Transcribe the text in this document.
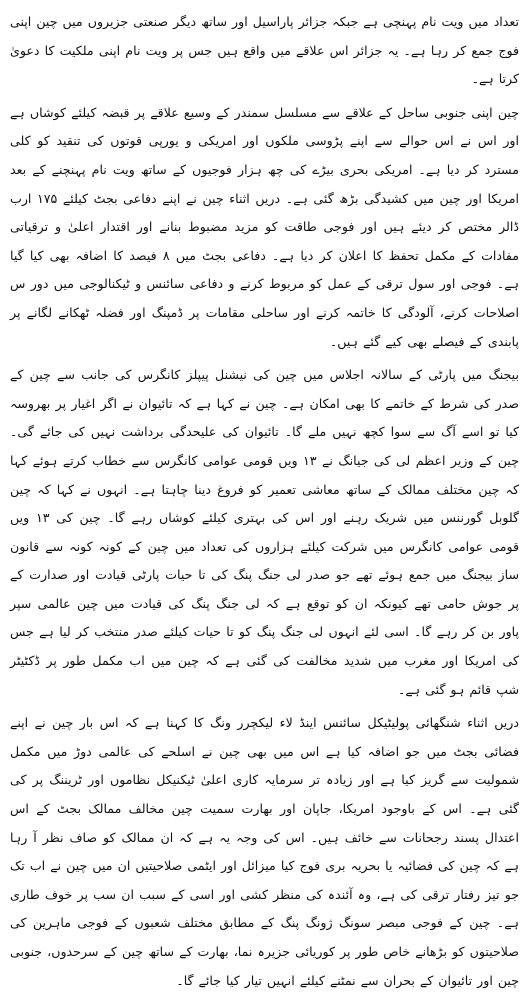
تعداد میں ویت نام پہنچی ہے جبکہ جزائر پاراسیل اور ساتھ دیگر صنعتی جزیروں میں چین اپنی فوج جمع کر رہا ہے۔ یہ جزائر اس علاقے میں واقع ہیں جس پر ویت نام اپنی ملکیت کا دعویٰ کرتا ہے۔

چین اپنی جنوبی ساحل کے علاقے سے مسلسل سمندر کے وسیع علاقے پر قبضہ کیلئے کوشاں ہے اور اس نے اس حوالے سے اپنے پڑوسی ملکوں اور امریکی و یورپی قوتوں کی تنقید کو کلی مسترد کر دیا ہے۔ امریکی بحری بیڑے کی چھ ہزار فوجیوں کے ساتھ ویت نام پہنچنے کے بعد امریکا اور چین میں کشیدگی بڑھ گئی ہے۔ دریں اثناء چین نے اپنے دفاعی بجٹ کیلئے ۱۷۵ ارب ڈالر مختص کر دیئے ہیں اور فوجی طاقت کو مزید مضبوط بنانے اور اقتدار اعلیٰ و ترقیاتی مفادات کے مکمل تحفظ کا اعلان کر دیا ہے۔ دفاعی بجٹ میں ۸ فیصد کا اضافہ بھی کیا گیا ہے۔ فوجی اور سول ترقی کے عمل کو مربوط کرنے و دفاعی سائنس و ٹیکنالوجی میں دور س اصلاحات کرنے، آلودگی کا خاتمہ کرنے اور ساحلی مقامات پر ڈمپنگ اور فضلہ ٹھکانے لگانے پر پابندی کے فیصلے بھی کیے گئے ہیں۔

بیجنگ میں پارٹی کے سالانہ اجلاس میں چین کی نیشنل پیپلز کانگرس کی جانب سے چین کے صدر کی شرط کے خاتمے کا بھی امکان ہے۔ چین نے کہا ہے کہ تائیوان نے اگر اغیار پر بھروسہ کیا تو اسے آگ سے سوا کچھ نہیں ملے گا۔ تائیوان کی علیحدگی برداشت نہیں کی جائے گی۔ چین کے وزیر اعظم لی کی جیانگ نے ۱۳ ویں قومی عوامی کانگرس سے خطاب کرتے ہوئے کہا کہ چین مختلف ممالک کے ساتھ معاشی تعمیر کو فروغ دینا چاہتا ہے۔ انہوں نے کہا کہ چین گلوبل گورننس میں شریک رہنے اور اس کی بہتری کیلئے کوشاں رہے گا۔ چین کی ۱۳ ویں قومی عوامی کانگرس میں شرکت کیلئے ہزاروں کی تعداد میں چین کے کونہ کونہ سے قانون ساز بیجنگ میں جمع ہوئے تھے جو صدر لی جنگ پنگ کی تا حیات پارٹی قیادت اور صدارت کے پر جوش حامی تھے کیونکہ ان کو توقع ہے کہ لی جنگ پنگ کی قیادت میں چین عالمی سپر پاور بن کر رہے گا۔ اسی لئے انہوں لی جنگ پنگ کو تا حیات کیلئے صدر منتخب کر لیا ہے جس کی امریکا اور مغرب میں شدید مخالفت کی گئی ہے کہ چین میں اب مکمل طور پر ڈکٹیٹر شپ قائم ہو گئی ہے۔

دریں اثناء شنگھائی پولیٹیکل سائنس اینڈ لاء لیکچرر ونگ کا کہنا ہے کہ اس بار چین نے اپنے فضائی بجٹ میں جو اضافہ کیا ہے اس میں بھی چین نے اسلحے کی عالمی دوڑ میں مکمل شمولیت سے گریز کیا ہے اور زیادہ تر سرمایہ کاری اعلیٰ ٹیکنیکل نظاموں اور ٹریننگ پر کی گئی ہے۔ اس کے باوجود امریکا، جاپان اور بھارت سمیت چین مخالف ممالک بجٹ کے اس اعتدال پسند رجحانات سے خائف ہیں۔ اس کی وجہ یہ ہے کہ ان ممالک کو صاف نظر آ رہا ہے کہ چین کی فضائیہ یا بحریہ بری فوج کیا میزائل اور ایٹمی صلاحیتیں ان میں چین نے اب تک جو تیز رفتار ترقی کی ہے، وہ آئندہ کی منظر کشی اور اسی کے سبب ان سب پر خوف طاری ہے۔ چین کے فوجی مبصر سونگ ژونگ پنگ کے مطابق مختلف شعبوں کے فوجی ماہرین کی صلاحیتوں کو بڑھانے خاص طور پر کوریائی جزیرہ نما، بھارت کے ساتھ چین کے سرحدوں، جنوبی چین اور تائیوان کے بحران سے نمٹنے کیلئے انہیں تیار کیا جائے گا۔
